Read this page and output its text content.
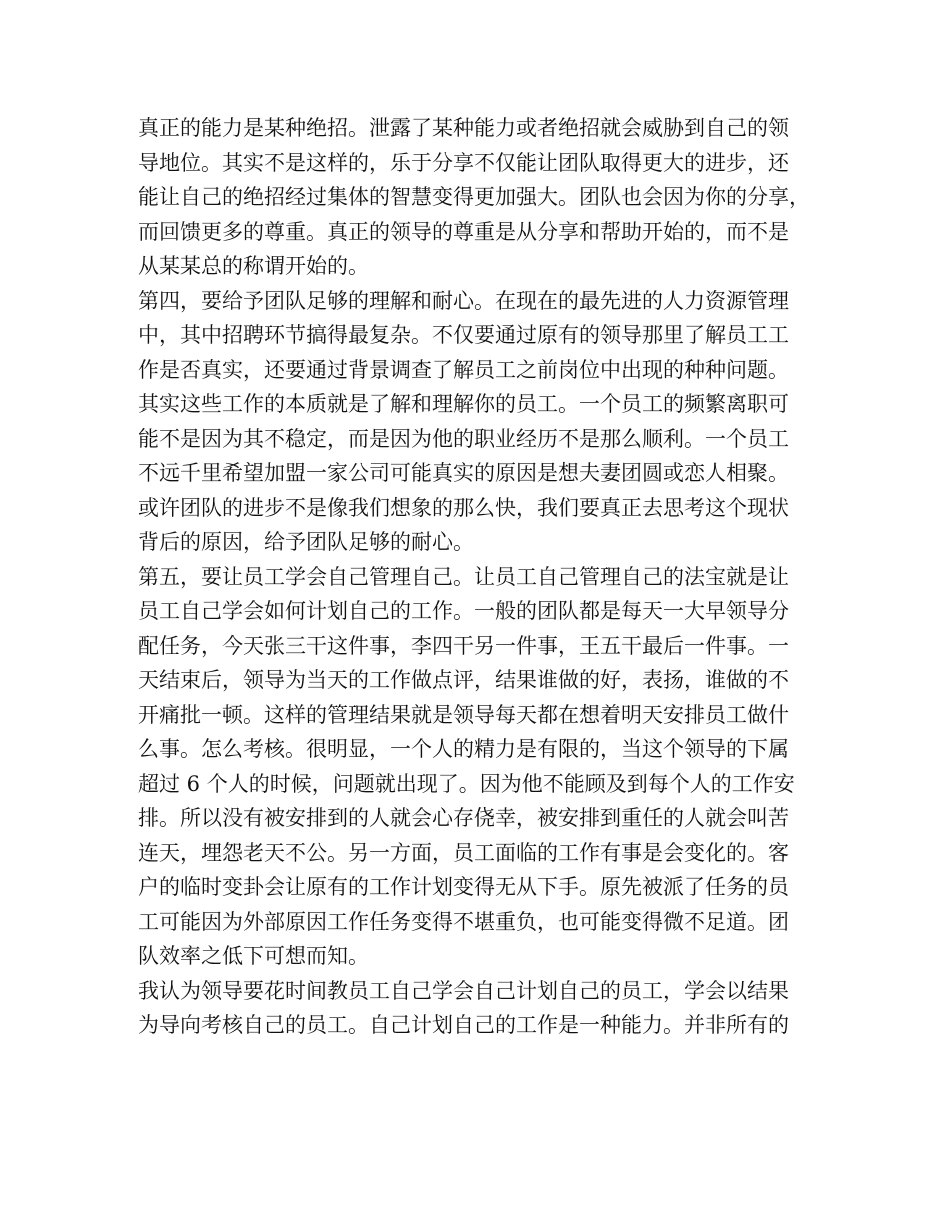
真正的能力是某种绝招。泄露了某种能力或者绝招就会威胁到自己的领
导地位。其实不是这样的，乐于分享不仅能让团队取得更大的进步，还
能让自己的绝招经过集体的智慧变得更加强大。团队也会因为你的分享，
而回馈更多的尊重。真正的领导的尊重是从分享和帮助开始的，而不是
从某某总的称谓开始的。
第四，要给予团队足够的理解和耐心。在现在的最先进的人力资源管理
中，其中招聘环节搞得最复杂。不仅要通过原有的领导那里了解员工工
作是否真实，还要通过背景调查了解员工之前岗位中出现的种种问题。
其实这些工作的本质就是了解和理解你的员工。一个员工的频繁离职可
能不是因为其不稳定，而是因为他的职业经历不是那么顺利。一个员工
不远千里希望加盟一家公司可能真实的原因是想夫妻团圆或恋人相聚。
或许团队的进步不是像我们想象的那么快，我们要真正去思考这个现状
背后的原因，给予团队足够的耐心。
第五，要让员工学会自己管理自己。让员工自己管理自己的法宝就是让
员工自己学会如何计划自己的工作。一般的团队都是每天一大早领导分
配任务，今天张三干这件事，李四干另一件事，王五干最后一件事。一
天结束后，领导为当天的工作做点评，结果谁做的好，表扬，谁做的不
开痛批一顿。这样的管理结果就是领导每天都在想着明天安排员工做什
么事。怎么考核。很明显，一个人的精力是有限的，当这个领导的下属
超过 6 个人的时候，问题就出现了。因为他不能顾及到每个人的工作安
排。所以没有被安排到的人就会心存侥幸，被安排到重任的人就会叫苦
连天，埋怨老天不公。另一方面，员工面临的工作有事是会变化的。客
户的临时变卦会让原有的工作计划变得无从下手。原先被派了任务的员
工可能因为外部原因工作任务变得不堪重负，也可能变得微不足道。团
队效率之低下可想而知。
我认为领导要花时间教员工自己学会自己计划自己的员工，学会以结果
为导向考核自己的员工。自己计划自己的工作是一种能力。并非所有的
